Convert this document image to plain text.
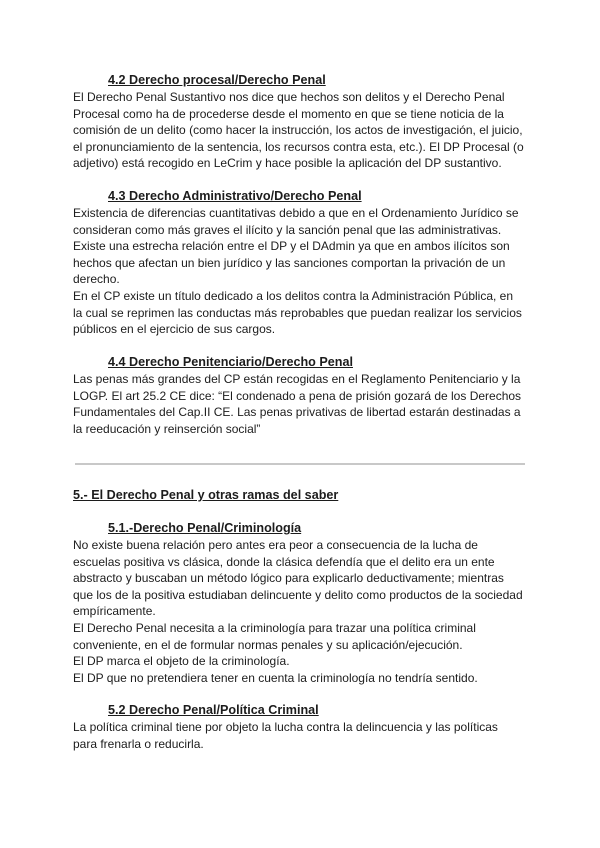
4.2 Derecho procesal/Derecho Penal

El Derecho Penal Sustantivo nos dice que hechos son delitos y el Derecho Penal

Procesal como ha de procederse desde el momento en que se tiene noticia de la

comisión de un delito (como hacer la instrucción, los actos de investigación, el juicio,

el pronunciamiento de la sentencia, los recursos contra esta, etc.). El DP Procesal (o

adjetivo) está recogido en LeCrim y hace posible la aplicación del DP sustantivo.

4.3 Derecho Administrativo/Derecho Penal

Existencia de diferencias cuantitativas debido a que en el Ordenamiento Jurídico se

consideran como más graves el ilícito y la sanción penal que las administrativas.

Existe una estrecha relación entre el DP y el DAdmin ya que en ambos ilícitos son

hechos que afectan un bien jurídico y las sanciones comportan la privación de un

derecho.

En el CP existe un título dedicado a los delitos contra la Administración Pública, en

la cual se reprimen las conductas más reprobables que puedan realizar los servicios

públicos en el ejercicio de sus cargos.

4.4 Derecho Penitenciario/Derecho Penal

Las penas más grandes del CP están recogidas en el Reglamento Penitenciario y la

LOGP. El art 25.2 CE dice: “El condenado a pena de prisión gozará de los Derechos

Fundamentales del Cap.II CE. Las penas privativas de libertad estarán destinadas a

la reeducación y reinserción social”

5.- El Derecho Penal y otras ramas del saber
5.1.-Derecho Penal/Criminología

No existe buena relación pero antes era peor a consecuencia de la lucha de

escuelas positiva vs clásica, donde la clásica defendía que el delito era un ente

abstracto y buscaban un método lógico para explicarlo deductivamente; mientras

que los de la positiva estudiaban delincuente y delito como productos de la sociedad

empíricamente.

El Derecho Penal necesita a la criminología para trazar una política criminal

conveniente, en el de formular normas penales y su aplicación/ejecución.

El DP marca el objeto de la criminología.

El DP que no pretendiera tener en cuenta la criminología no tendría sentido.

5.2 Derecho Penal/Política Criminal

La política criminal tiene por objeto la lucha contra la delincuencia y las políticas

para frenarla o reducirla.
